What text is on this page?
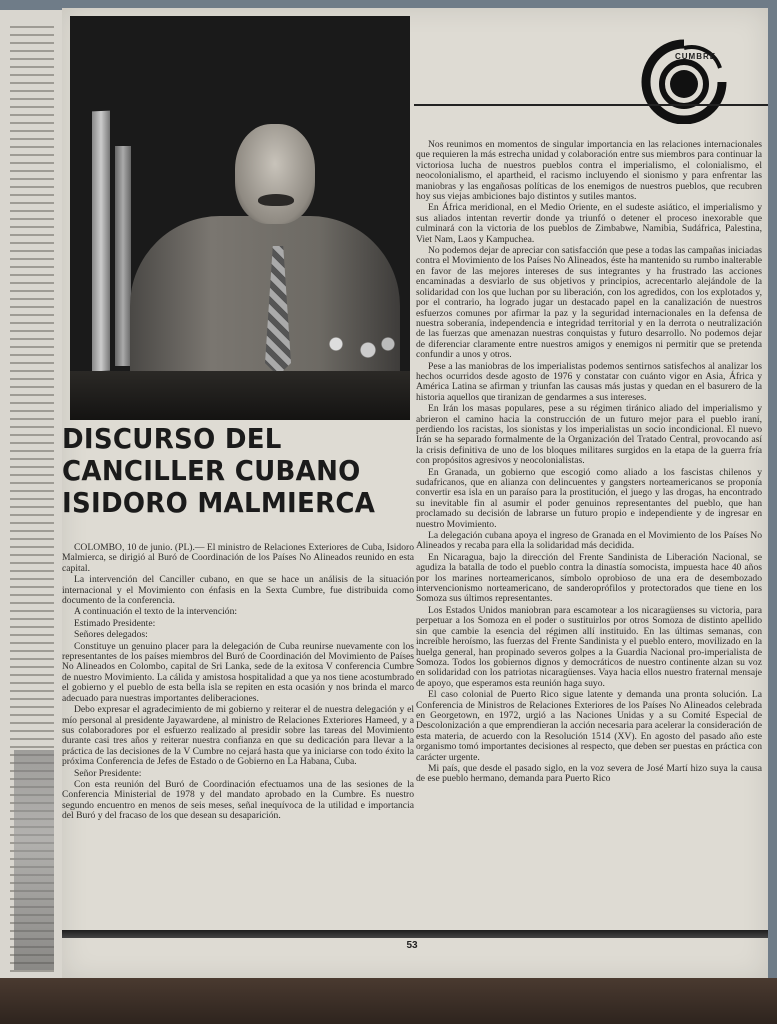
CUMBRE
DISCURSO DEL
CANCILLER CUBANO
ISIDORO MALMIERCA

COLOMBO, 10 de junio. (PL).— El ministro de Relaciones Exteriores de Cuba, Isidoro Malmierca, se dirigió al Buró de Coordinación de los Países No Alineados reunido en esta capital.

La intervención del Canciller cubano, en que se hace un análisis de la situación internacional y el Movimiento con énfasis en la Sexta Cumbre, fue distribuida como documento de la conferencia.

A continuación el texto de la intervención:

Estimado Presidente:

Señores delegados:

Constituye un genuino placer para la delegación de Cuba reunirse nuevamente con los representantes de los países miembros del Buró de Coordinación del Movimiento de Países No Alineados en Colombo, capital de Sri Lanka, sede de la exitosa V conferencia Cumbre de nuestro Movimiento. La cálida y amistosa hospitalidad a que ya nos tiene acostumbrado el gobierno y el pueblo de esta bella isla se repiten en esta ocasión y nos brinda el marco adecuado para nuestras importantes deliberaciones.

Debo expresar el agradecimiento de mi gobierno y reiterar el de nuestra delegación y el mío personal al presidente Jayawardene, al ministro de Relaciones Exteriores Hameed, y a sus colaboradores por el esfuerzo realizado al presidir sobre las tareas del Movimiento durante casi tres años y reiterar nuestra confianza en que su dedicación para llevar a la práctica de las decisiones de la V Cumbre no cejará hasta que ya iniciarse con todo éxito la próxima Conferencia de Jefes de Estado o de Gobierno en La Habana, Cuba.

Señor Presidente:

Con esta reunión del Buró de Coordinación efectuamos una de las sesiones de la Conferencia Ministerial de 1978 y del mandato aprobado en la Cumbre. Es nuestro segundo encuentro en menos de seis meses, señal inequívoca de la utilidad e importancia del Buró y del fracaso de los que desean su desaparición.

Nos reunimos en momentos de singular importancia en las relaciones internacionales que requieren la más estrecha unidad y colaboración entre sus miembros para continuar la victoriosa lucha de nuestros pueblos contra el imperialismo, el colonialismo, el neocolonialismo, el apartheid, el racismo incluyendo el sionismo y para enfrentar las maniobras y las engañosas políticas de los enemigos de nuestros pueblos, que recubren hoy sus viejas ambiciones bajo distintos y sutiles mantos.

En África meridional, en el Medio Oriente, en el sudeste asiático, el imperialismo y sus aliados intentan revertir donde ya triunfó o detener el proceso inexorable que culminará con la victoria de los pueblos de Zimbabwe, Namibia, Sudáfrica, Palestina, Viet Nam, Laos y Kampuchea.

No podemos dejar de apreciar con satisfacción que pese a todas las campañas iniciadas contra el Movimiento de los Países No Alineados, éste ha mantenido su rumbo inalterable en favor de las mejores intereses de sus integrantes y ha frustrado las acciones encaminadas a desviarlo de sus objetivos y principios, acrecentarlo alejándole de la solidaridad con los que luchan por su liberación, con los agredidos, con los explotados y, por el contrario, ha logrado jugar un destacado papel en la canalización de nuestros esfuerzos comunes por afirmar la paz y la seguridad internacionales en la defensa de nuestra soberanía, independencia e integridad territorial y en la derrota o neutralización de las fuerzas que amenazan nuestras conquistas y futuro desarrollo. No podemos dejar de diferenciar claramente entre nuestros amigos y enemigos ni permitir que se pretenda confundir a unos y otros.

Pese a las maniobras de los imperialistas podemos sentirnos satisfechos al analizar los hechos ocurridos desde agosto de 1976 y constatar con cuánto vigor en Asia, África y América Latina se afirman y triunfan las causas más justas y quedan en el basurero de la historia aquellos que tiranizan de gendarmes a sus intereses.

En Irán los masas populares, pese a su régimen tiránico aliado del imperialismo y abrieron el camino hacia la construcción de un futuro mejor para el pueblo iraní, perdiendo los racistas, los sionistas y los imperialistas un socio incondicional. El nuevo Irán se ha separado formalmente de la Organización del Tratado Central, provocando así la crisis definitiva de uno de los bloques militares surgidos en la etapa de la guerra fría con propósitos agresivos y neocolonialistas.

En Granada, un gobierno que escogió como aliado a los fascistas chilenos y sudafricanos, que en alianza con delincuentes y gangsters norteamericanos se proponía convertir esa isla en un paraíso para la prostitución, el juego y las drogas, ha encontrado su inevitable fin al asumir el poder genuinos representantes del pueblo, que han proclamado su decisión de labrarse un futuro propio e independiente y de ingresar en nuestro Movimiento.

La delegación cubana apoya el ingreso de Granada en el Movimiento de los Países No Alineados y recaba para ella la solidaridad más decidida.

En Nicaragua, bajo la dirección del Frente Sandinista de Liberación Nacional, se agudiza la batalla de todo el pueblo contra la dinastía somocista, impuesta hace 40 años por los marines norteamericanos, símbolo oprobioso de una era de desembozado intervencionismo norteamericano, de sanderoprófilos y protectorados que tiene en los Somoza sus últimos representantes.

Los Estados Unidos maniobran para escamotear a los nicaragüenses su victoria, para perpetuar a los Somoza en el poder o sustituirlos por otros Somoza de distinto apellido sin que cambie la esencia del régimen allí instituido. En las últimas semanas, con increíble heroísmo, las fuerzas del Frente Sandinista y el pueblo entero, movilizado en la huelga general, han propinado severos golpes a la Guardia Nacional pro-imperialista de Somoza. Todos los gobiernos dignos y democráticos de nuestro continente alzan su voz en solidaridad con los patriotas nicaragüenses. Vaya hacia ellos nuestro fraternal mensaje de apoyo, que esperamos esta reunión haga suyo.

El caso colonial de Puerto Rico sigue latente y demanda una pronta solución. La Conferencia de Ministros de Relaciones Exteriores de los Países No Alineados celebrada en Georgetown, en 1972, urgió a las Naciones Unidas y a su Comité Especial de Descolonización a que emprendieran la acción necesaria para acelerar la consideración de esta materia, de acuerdo con la Resolución 1514 (XV). En agosto del pasado año este organismo tomó importantes decisiones al respecto, que deben ser puestas en práctica con carácter urgente.

Mi país, que desde el pasado siglo, en la voz severa de José Martí hizo suya la causa de ese pueblo hermano, demanda para Puerto Rico

53
